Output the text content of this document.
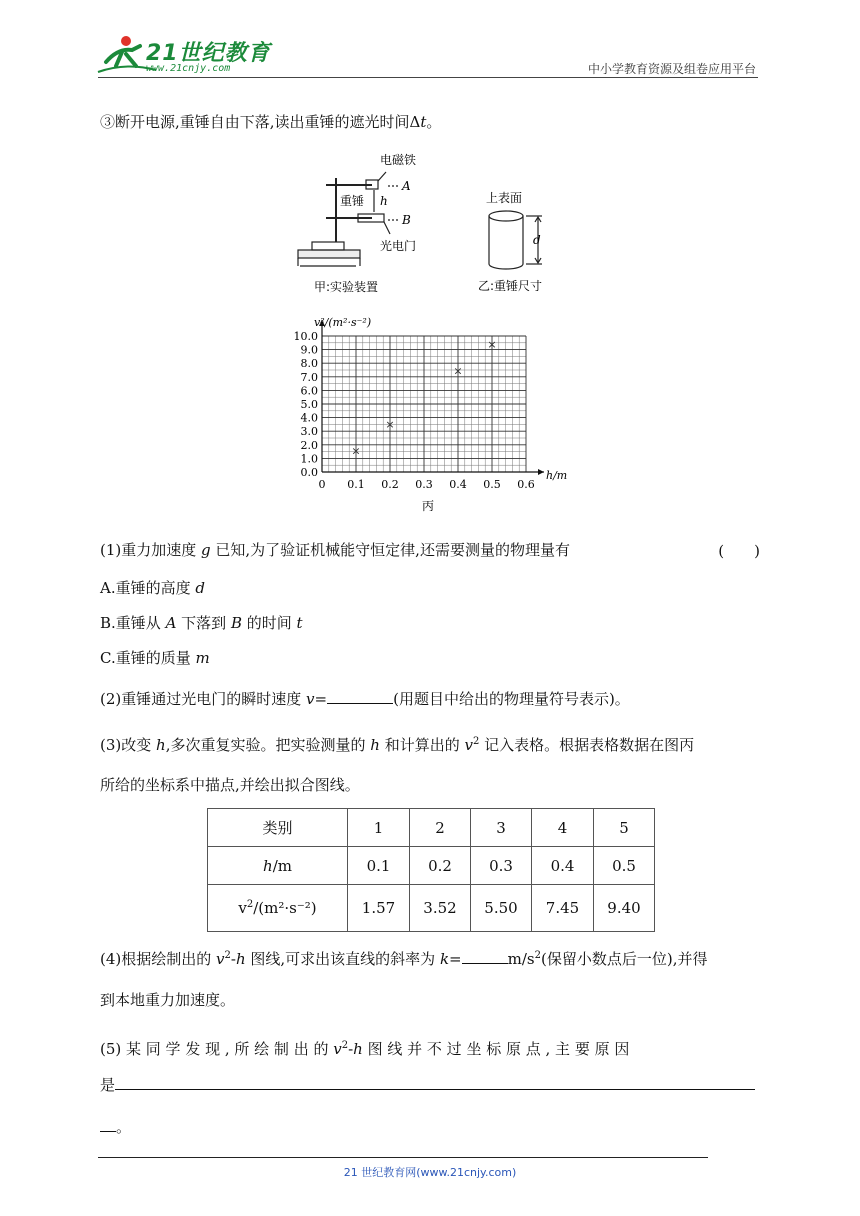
21世纪教育
www.21cnjy.com	中小学教育资源及组卷应用平台
③断开电源,重锤自由下落,读出重锤的遮光时间Δt。
电磁铁
A
重锤 h
B
光电门
甲:实验装置
上表面
d
乙:重锤尺寸
0.0
1.0
2.0
3.0
4.0
5.0
6.0
7.0
8.0
9.0
10.0
0 0.1 0.2 0.3 0.4 0.5 0.6
×
×
×
×
v²/(m²·s⁻²)
h/m
丙
(1)重力加速度 g 已知,为了验证机械能守恒定律,还需要测量的物理量有	(　　)
A.重锤的高度 d
B.重锤从 A 下落到 B 的时间 t
C.重锤的质量 m
(2)重锤通过光电门的瞬时速度 v=	(用题目中给出的物理量符号表示)。
(3)改变 h,多次重复实验。把实验测量的 h 和计算出的 $v^2$ 记入表格。根据表格数据在图丙
所给的坐标系中描点,并绘出拟合图线。
类别	1	2	3	4	5
h/m	0.1	0.2	0.3	0.4	0.5
$v^2/(m^2\cdot s^{-2})$	1.57	3.52	5.50	7.45	9.40
(4)根据绘制出的 $v^2-h$ 图线,可求出该直线的斜率为 k=	$m/s^2$(保留小数点后一位),并得
到本地重力加速度。
(5) 某 同 学 发 现 , 所 绘 制 出 的 $v^2-h$ 图 线 并 不 过 坐 标 原 点 , 主 要 原 因
是
。
21 世纪教育网(www.21cnjy.com)
